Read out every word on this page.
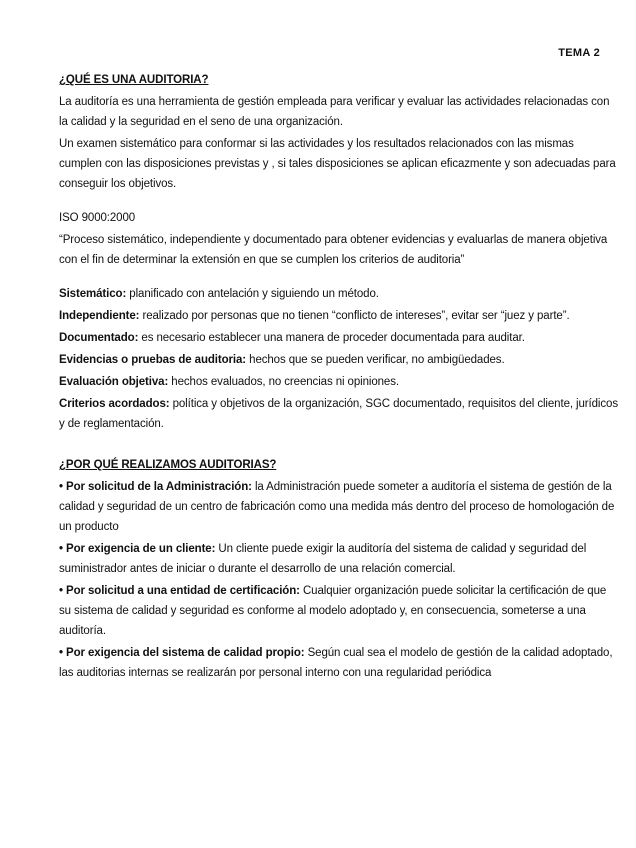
TEMA 2

¿QUÉ ES UNA AUDITORIA?

La auditoría es una herramienta de gestión empleada para verificar y evaluar las actividades relacionadas con la calidad y la seguridad en el seno de una organización.

Un examen sistemático para conformar si las actividades y los resultados relacionados con las mismas cumplen con las disposiciones previstas y , si tales disposiciones se aplican eficazmente y son adecuadas para conseguir los objetivos.

ISO 9000:2000

“Proceso sistemático, independiente y documentado para obtener evidencias y evaluarlas de manera objetiva con el fin de determinar la extensión en que se cumplen los criterios de auditoria”

Sistemático: planificado con antelación y siguiendo un método.

Independiente: realizado por personas que no tienen “conflicto de intereses”, evitar ser “juez y parte”.

Documentado: es necesario establecer una manera de proceder documentada para auditar.

Evidencias o pruebas de auditoria: hechos que se pueden verificar, no ambigüedades.

Evaluación objetiva: hechos evaluados, no creencias ni opiniones.

Criterios acordados: política y objetivos de la organización, SGC documentado, requisitos del cliente, jurídicos y de reglamentación.

¿POR QUÉ REALIZAMOS AUDITORIAS?

• Por solicitud de la Administración: la Administración puede someter a auditoría el sistema de gestión de la calidad y seguridad de un centro de fabricación como una medida más dentro del proceso de homologación de un producto

• Por exigencia de un cliente: Un cliente puede exigir la auditoría del sistema de calidad y seguridad del suministrador antes de iniciar o durante el desarrollo de una relación comercial.

• Por solicitud a una entidad de certificación: Cualquier organización puede solicitar la certificación de que su sistema de calidad y seguridad es conforme al modelo adoptado y, en consecuencia, someterse a una auditoría.

• Por exigencia del sistema de calidad propio: Según cual sea el modelo de gestión de la calidad adoptado, las auditorias internas se realizarán por personal interno con una regularidad periódica
